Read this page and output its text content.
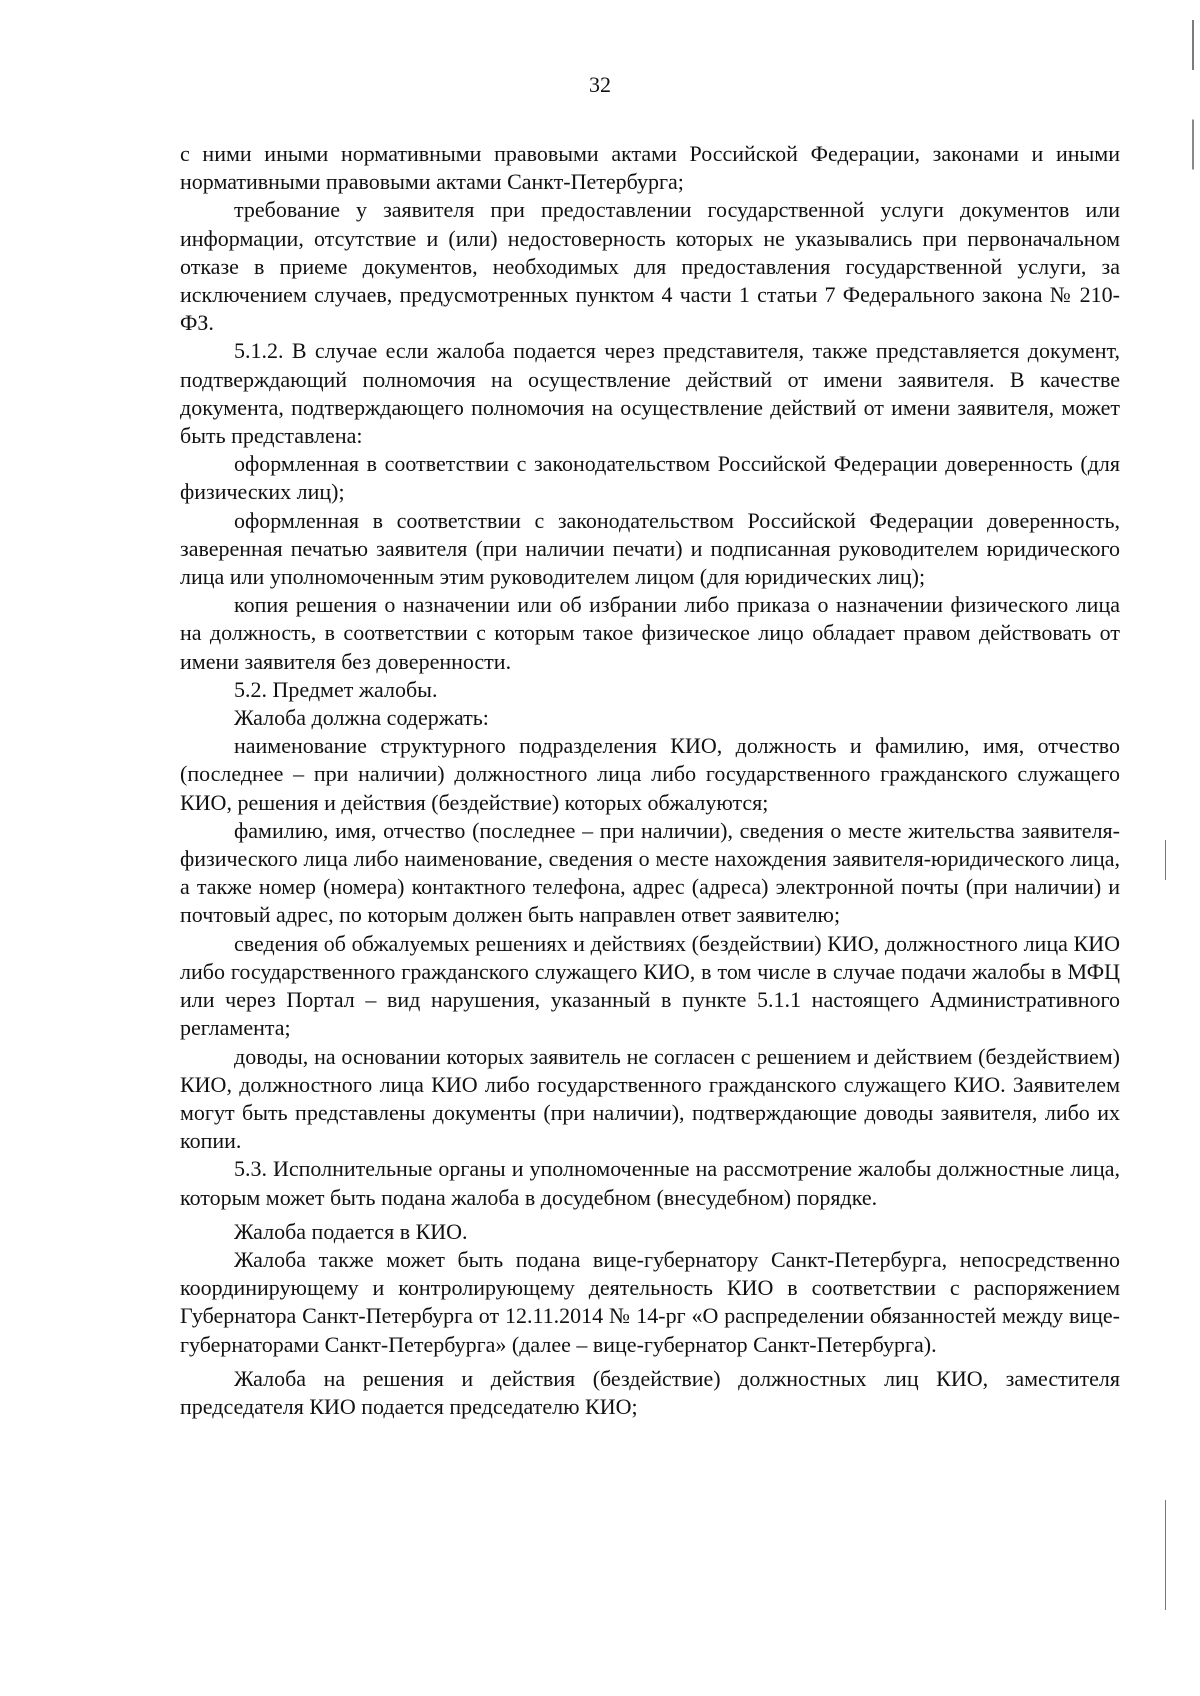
32

с ними иными нормативными правовыми актами Российской Федерации, законами и иными нормативными правовыми актами Санкт-Петербурга;

требование у заявителя при предоставлении государственной услуги документов или информации, отсутствие и (или) недостоверность которых не указывались при первоначальном отказе в приеме документов, необходимых для предоставления государственной услуги, за исключением случаев, предусмотренных пунктом 4 части 1 статьи 7 Федерального закона № 210-ФЗ.

5.1.2. В случае если жалоба подается через представителя, также представляется документ, подтверждающий полномочия на осуществление действий от имени заявителя. В качестве документа, подтверждающего полномочия на осуществление действий от имени заявителя, может быть представлена:

оформленная в соответствии с законодательством Российской Федерации доверенность (для физических лиц);

оформленная в соответствии с законодательством Российской Федерации доверенность, заверенная печатью заявителя (при наличии печати) и подписанная руководителем юридического лица или уполномоченным этим руководителем лицом (для юридических лиц);

копия решения о назначении или об избрании либо приказа о назначении физического лица на должность, в соответствии с которым такое физическое лицо обладает правом действовать от имени заявителя без доверенности.

5.2. Предмет жалобы.

Жалоба должна содержать:

наименование структурного подразделения КИО, должность и фамилию, имя, отчество (последнее – при наличии) должностного лица либо государственного гражданского служащего КИО, решения и действия (бездействие) которых обжалуются;

фамилию, имя, отчество (последнее – при наличии), сведения о месте жительства заявителя-физического лица либо наименование, сведения о месте нахождения заявителя-юридического лица, а также номер (номера) контактного телефона, адрес (адреса) электронной почты (при наличии) и почтовый адрес, по которым должен быть направлен ответ заявителю;

сведения об обжалуемых решениях и действиях (бездействии) КИО, должностного лица КИО либо государственного гражданского служащего КИО, в том числе в случае подачи жалобы в МФЦ или через Портал – вид нарушения, указанный в пункте 5.1.1 настоящего Административного регламента;

доводы, на основании которых заявитель не согласен с решением и действием (бездействием) КИО, должностного лица КИО либо государственного гражданского служащего КИО. Заявителем могут быть представлены документы (при наличии), подтверждающие доводы заявителя, либо их копии.

5.3. Исполнительные органы и уполномоченные на рассмотрение жалобы должностные лица, которым может быть подана жалоба в досудебном (внесудебном) порядке.

Жалоба подается в КИО.

Жалоба также может быть подана вице-губернатору Санкт-Петербурга, непосредственно координирующему и контролирующему деятельность КИО в соответствии с распоряжением Губернатора Санкт-Петербурга от 12.11.2014 № 14-рг «О распределении обязанностей между вице-губернаторами Санкт-Петербурга» (далее – вице-губернатор Санкт-Петербурга).

Жалоба на решения и действия (бездействие) должностных лиц КИО, заместителя председателя КИО подается председателю КИО;
